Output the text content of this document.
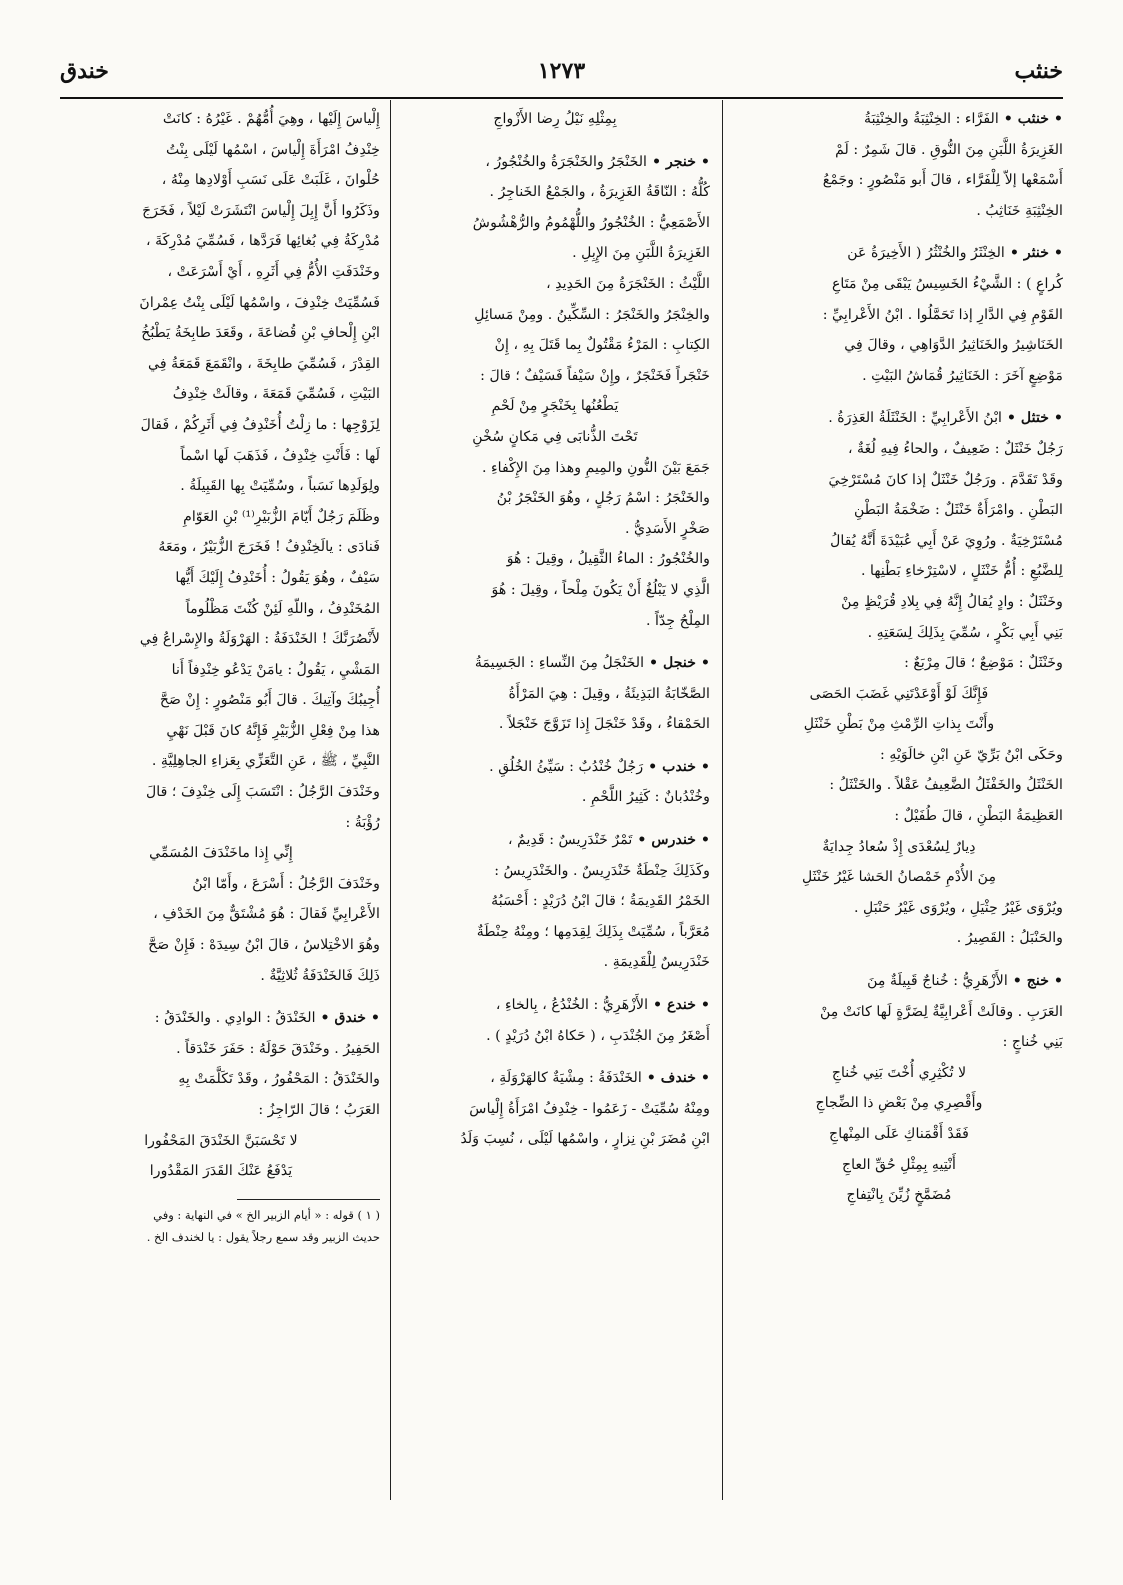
خنثب
١٢٧٣
خندق

• خنثب • الفَرَّاء : الخِنْثِبَةُ والخِنْثِبَةُ

الغَزِيرَةُ اللَّبَنِ مِنَ النُّوقِ . قالَ شَمِرٌ : لَمْ

أَسْمَعْها إلاّ لِلْفَرَّاء ، قالَ أَبو مَنْصُورٍ : وجَمْعُ

الخِنْثِبَةِ خَنَاثِبُ .

• خنثر • الخِنْثَرُ والخُنْثُرُ ( الأَخِيرَةُ عَن

كُراعٍ ) : الشَّيْءُ الخَسِيسُ يَبْقَى مِنْ مَتَاعِ

القَوْمِ فِي الدَّارِ إذا تَحَمَّلُوا . ابْنُ الأَعْرابِيِّ :

الخَنَاشِيرُ والخَنَاثِيرُ الدَّوَاهِي ، وقالَ فِي

مَوْضِعٍ آخَرَ : الخَنَاثِيرُ قُمَاشُ البَيْتِ .

• ختثل • ابْنُ الأَعْرابِيِّ : الخَنْثَلَةُ العَذِرَةُ .

رَجُلٌ خَنْثَلٌ : ضَعِيفٌ ، والحاءُ فِيهِ لُغَةٌ ،

وقَدْ تَقَدَّمَ . ورَجُلٌ خَنْثَلٌ إذا كانَ مُسْتَرْخِيَ

البَطْنِ . وامْرَأَةٌ خَنْثَلٌ : ضَخْمَةُ البَطْنِ

مُسْتَرْخِيَةٌ . ورُوِيَ عَنْ أَبِي عُبَيْدَةَ أَنَّهُ يُقالُ

لِلضَّبُعِ : أُمُّ خَنْثَلٍ ، لاسْتِرْخاءِ بَطْنِها .

وخَنْثَلٌ : وادٍ يُقالُ إِنَّهُ فِي بِلادِ قُرَيْظٍ مِنْ

بَنِي أَبِي بَكْرٍ ، سُمِّيَ بِذَلِكَ لِسَعَتِهِ .

وخَنْثَلٌ : مَوْضِعٌ ؛ قالَ مِرْبَعٌ :

فَإِنَّكَ لَوْ أَوْعَدْتَنِي غَضَبَ الحَصَى

وأَنْتَ بِذاتِ الرِّمْثِ مِنْ بَطْنِ خَنْثَلِ

وحَكَى ابْنُ بَرِّيّ عَنِ ابْنِ خالَوَيْهِ :

الخَنْثَلُ والخَفْثَلُ الضَّعِيفُ عَقْلاً . والخَنْثَلُ :

العَظِيمَةُ البَطْنِ ، قالَ طُفَيْلٌ :

دِيارٌ لِسُعْدَى إِذْ سُعادُ جِدايَةٌ

مِنَ الأُدْمِ خَمْصانُ الحَشا غَيْرُ خَنْثَلِ

ويُرْوَى غَيْرُ حِثْيَلِ ، ويُرْوَى غَيْرُ حَنْبَلِ .

والحَنْبَلُ : القَصِيرُ .

• خنج • الأَزْهَرِيُّ : خُناجٌ قَبِيلَةٌ مِنَ

العَرَبِ . وقالَتْ أَعْرابِيَّةٌ لِضَرَّةٍ لَها كانَتْ مِنْ

بَنِي خُناجٍ :

لا تُكْثِرِي أُخْتَ بَنِي خُناجِ

وأَقْصِرِي مِنْ بَعْضِ ذا الضِّجاجِ

فَقَدْ أَقْمَناكِ عَلَى المِنْهاجِ

أَنْتِيهِ بِمِثْلِ حُقِّ العاجِ

مُضَمَّخٍ زُيِّنَ بِانْتِفاجِ

بِمِثْلِهِ نَيْلُ رِضا الأَزْواجِ

• خنجر • الخَنْجَرُ والخَنْجَرَةُ والخُنْجُورُ ،

كُلُّهُ : النّاقَةُ الغَزِيرَةُ ، والجَمْعُ الخَناجِرُ .

الأَصْمَعِيُّ : الخُنْجُورُ واللُّهْمُومُ والرُّهْشُوشُ

الغَزِيرَةُ اللَّبَنِ مِنَ الإِبِلِ .

اللَّيْثُ : الخَنْجَرَةُ مِنَ الحَدِيدِ ،

والخِنْجَرُ والخَنْجَرُ : السِّكِّينُ . ومِنْ مَسائِلِ

الكِتابِ : المَرْءُ مَقْتُولٌ بِما قَتَلَ بِهِ ، إِنْ

خَنْجَراً فَخَنْجَرٌ ، وإِنْ سَيْفاً فَسَيْفٌ ؛ قالَ :

يَطْعُنُها بِخَنْجَرٍ مِنْ لَحْمِ

تَحْتَ الذُّنابَى فِي مَكانٍ سُخْنِ

جَمَعَ بَيْنَ النُّونِ والمِيمِ وهذا مِنَ الإِكْفاءِ .

والخَنْجَرُ : اسْمُ رَجُلٍ ، وهُوَ الخَنْجَرُ بْنُ

صَخْرٍ الأَسَدِيُّ .

والخُنْجُورُ : الماءُ الثَّقِيلُ ، وقِيلَ : هُوَ

الَّذِي لا يَبْلُغُ أَنْ يَكُونَ مِلْحاً ، وقِيلَ : هُوَ

المِلْحُ جِدّاً .

• خنجل • الخَنْجَلُ مِنَ النِّساءِ : الجَسِيمَةُ

الصَّخّابَةُ البَذِيئَةُ ، وقِيلَ : هِيَ المَرْأَةُ

الحَمْقاءُ ، وقَدْ خَنْجَلَ إِذا تَزَوَّجَ خَنْجَلاً .

• خندب • رَجُلٌ خُنْدُبٌ : سَيِّئُ الخُلُقِ .

وخُنْدُبانٌ : كَثِيرُ اللَّحْمِ .

• خندرس • تَمْرٌ خَنْدَرِيسٌ : قَدِيمٌ ،

وكَذَلِكَ حِنْطَةٌ خَنْدَرِيسٌ . والخَنْدَرِيسُ :

الخَمْرُ القَدِيمَةُ ؛ قالَ ابْنُ دُرَيْدٍ : أَحْسَبُهُ

مُعَرَّباً ، سُمِّيَتْ بِذَلِكَ لِقِدَمِها ؛ ومِنْهُ حِنْطَةٌ

خَنْدَرِيسٌ لِلْقَدِيمَةِ .

• خندع • الأَزْهَرِيُّ : الخُنْدُعُ ، بِالخاءِ ،

أَصْغَرُ مِنَ الجُنْدَبِ ، ( حَكاهُ ابْنُ دُرَيْدٍ ) .

• خندف • الخَنْدَفَةُ : مِشْيَةٌ كالهَرْوَلَةِ ،

ومِنْهُ سُمِّيَتْ - زَعَمُوا - خِنْدِفُ امْرَأَةُ إِلْياسَ

ابْنِ مُضَرَ بْنِ نِزارٍ ، واسْمُها لَيْلَى ، نُسِبَ وَلَدُ

إِلْياسَ إِلَيْها ، وهِيَ أُمُّهُمْ . غَيْرُهُ : كانَتْ

خِنْدِفُ امْرَأَةَ إِلْياسَ ، اسْمُها لَيْلَى بِنْتُ

حُلْوانَ ، غَلَبَتْ عَلَى نَسَبِ أَوْلادِها مِنْهُ ،

وذَكَرُوا أَنَّ إِبِلَ إِلْياسَ انْتَشَرَتْ لَيْلاً ، فَخَرَجَ

مُدْرِكَةُ فِي بُغائِها فَرَدَّها ، فَسُمِّيَ مُدْرِكَةَ ،

وخَنْدَفَتِ الأُمُّ فِي أَثَرِهِ ، أَيْ أَسْرَعَتْ ،

فَسُمِّيَتْ خِنْدِفَ ، واسْمُها لَيْلَى بِنْتُ عِمْرانَ

ابْنِ إِلْحافِ بْنِ قُضاعَةَ ، وقَعَدَ طابِخَةُ يَطْبُخُ

القِدْرَ ، فَسُمِّيَ طابِخَةَ ، وانْقَمَعَ قَمَعَةُ فِي

البَيْتِ ، فَسُمِّيَ قَمَعَةَ ، وقالَتْ خِنْدِفُ

لِزَوْجِها : ما زِلْتُ أُخَنْدِفُ فِي أَثَرِكُمْ ، فَقالَ

لَها : فَأَنْتِ خِنْدِفُ ، فَذَهَبَ لَها اسْماً

ولِوَلَدِها نَسَباً ، وسُمِّيَتْ بِها القَبِيلَةُ .

وظَلَمَ رَجُلٌ أَيّامَ الزُّبَيْرِ⁽¹⁾ بْنِ العَوّامِ

فَنادَى : يالَخِنْدِفُ ! فَخَرَجَ الزُّبَيْرُ ، ومَعَهُ

سَيْفٌ ، وهُوَ يَقُولُ : أُخَنْدِفُ إِلَيْكَ أَيُّها

المُخَنْدِفُ ، واللّهِ لَئِنْ كُنْتَ مَظْلُوماً

لأَنْصُرَنَّكَ ! الخَنْدَفَةُ : الهَرْوَلَةُ والإِسْراعُ فِي

المَشْيِ ، يَقُولُ : يامَنْ يَدْعُو خِنْدِفاً أَنا

أُجِيبُكَ وآتِيكَ . قالَ أَبُو مَنْصُورٍ : إِنْ صَحَّ

هذا مِنْ فِعْلِ الزُّبَيْرِ فَإِنَّهُ كانَ قَبْلَ نَهْيِ

النَّبِيِّ ، ﷺ ، عَنِ التَّعَزِّي بِعَزاءِ الجاهِلِيَّةِ .

وخَنْدَفَ الرَّجُلُ : انْتَسَبَ إِلَى خِنْدِفَ ؛ قالَ

رُؤْبَةُ :

إِنِّي إِذا ماخَنْدَفَ المُسَمِّي

وخَنْدَفَ الرَّجُلُ : أَسْرَعَ ، وأَمّا ابْنُ

الأَعْرابِيِّ فَقالَ : هُوَ مُشْتَقٌّ مِنَ الخَدْفِ ،

وهُوَ الاخْتِلاسُ ، قالَ ابْنُ سِيدَهْ : فَإِنْ صَحَّ

ذَلِكَ فَالخَنْدَفَةُ ثُلاثِيَّةٌ .

• خندق • الخَنْدَقُ : الوادِي . والخَنْدَقُ :

الحَفِيرُ . وخَنْدَقَ حَوْلَهُ : حَفَرَ خَنْدَقاً .

والخَنْدَقُ : المَحْفُورُ ، وقَدْ تَكَلَّمَتْ بِهِ

العَرَبُ ؛ قالَ الرّاجِزُ :

لا تَحْسَبَنَّ الخَنْدَقَ المَحْفُورا

يَدْفَعُ عَنْكَ القَدَرَ المَقْدُورا

( ١ ) قوله : « أيام الزبير الخ » في النهاية : وفي

حديث الزبير وقد سمع رجلاً يقول : يا لخندف الخ .
